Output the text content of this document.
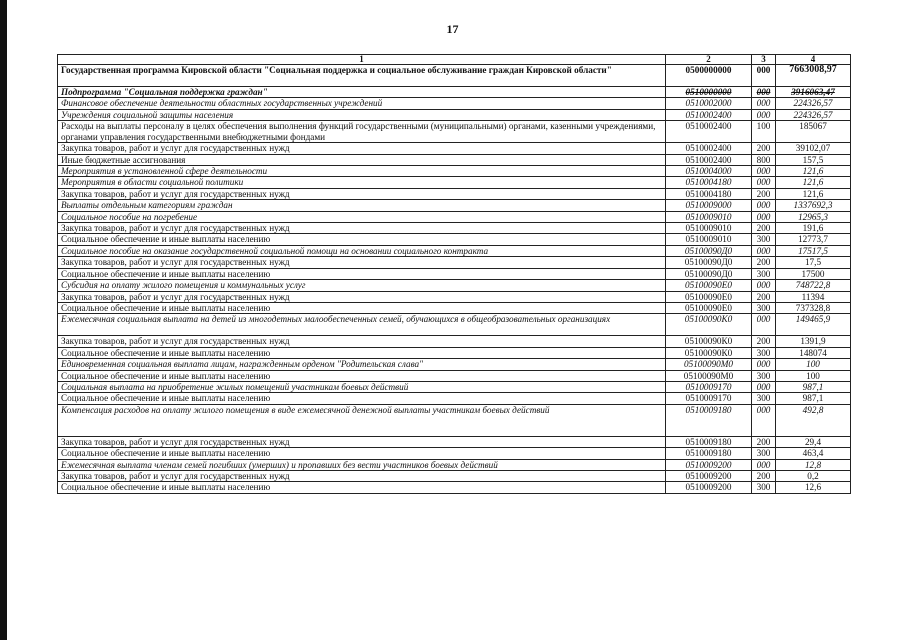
17
1	2	3	4
Государственная программа Кировской области "Социальная поддержка и социальное обслуживание граждан Кировской области"	0500000000	000	7663008,97
Подпрограмма "Социальная поддержка граждан"	0510000000	000	3916063,47
Финансовое обеспечение деятельности областных государственных учреждений	0510002000	000	224326,57
Учреждения социальной защиты населения	0510002400	000	224326,57
Расходы на выплаты персоналу в целях обеспечения выполнения функций государственными (муниципальными) органами, казенными учреждениями, органами управления государственными внебюджетными фондами	0510002400	100	185067
Закупка товаров, работ и услуг для государственных нужд	0510002400	200	39102,07
Иные бюджетные ассигнования	0510002400	800	157,5
Мероприятия в установленной сфере деятельности	0510004000	000	121,6
Мероприятия в области социальной политики	0510004180	000	121,6
Закупка товаров, работ и услуг для государственных нужд	0510004180	200	121,6
Выплаты отдельным категориям граждан	0510009000	000	1337692,3
Социальное пособие на погребение	0510009010	000	12965,3
Закупка товаров, работ и услуг для государственных нужд	0510009010	200	191,6
Социальное обеспечение и иные выплаты населению	0510009010	300	12773,7
Социальное пособие на оказание государственной социальной помощи на основании социального контракта	05100090Д0	000	17517,5
Закупка товаров, работ и услуг для государственных нужд	05100090Д0	200	17,5
Социальное обеспечение и иные выплаты населению	05100090Д0	300	17500
Субсидия на оплату жилого помещения и коммунальных услуг	05100090Е0	000	748722,8
Закупка товаров, работ и услуг для государственных нужд	05100090Е0	200	11394
Социальное обеспечение и иные выплаты населению	05100090Е0	300	737328,8
Ежемесячная социальная выплата на детей из многодетных малообеспеченных семей, обучающихся в общеобразовательных организациях	05100090К0	000	149465,9
Закупка товаров, работ и услуг для государственных нужд	05100090К0	200	1391,9
Социальное обеспечение и иные выплаты населению	05100090К0	300	148074
Единовременная социальная выплата лицам, награжденным орденом "Родительская слава"	05100090М0	000	100
Социальное обеспечение и иные выплаты населению	05100090М0	300	100
Социальная выплата на приобретение жилых помещений участникам боевых действий	0510009170	000	987,1
Социальное обеспечение и иные выплаты населению	0510009170	300	987,1
Компенсация расходов на оплату жилого помещения в виде ежемесячной денежной выплаты участникам боевых действий	0510009180	000	492,8
Закупка товаров, работ и услуг для государственных нужд	0510009180	200	29,4
Социальное обеспечение и иные выплаты населению	0510009180	300	463,4
Ежемесячная выплата членам семей погибших (умерших) и пропавших без вести участников боевых действий	0510009200	000	12,8
Закупка товаров, работ и услуг для государственных нужд	0510009200	200	0,2
Социальное обеспечение и иные выплаты населению	0510009200	300	12,6
